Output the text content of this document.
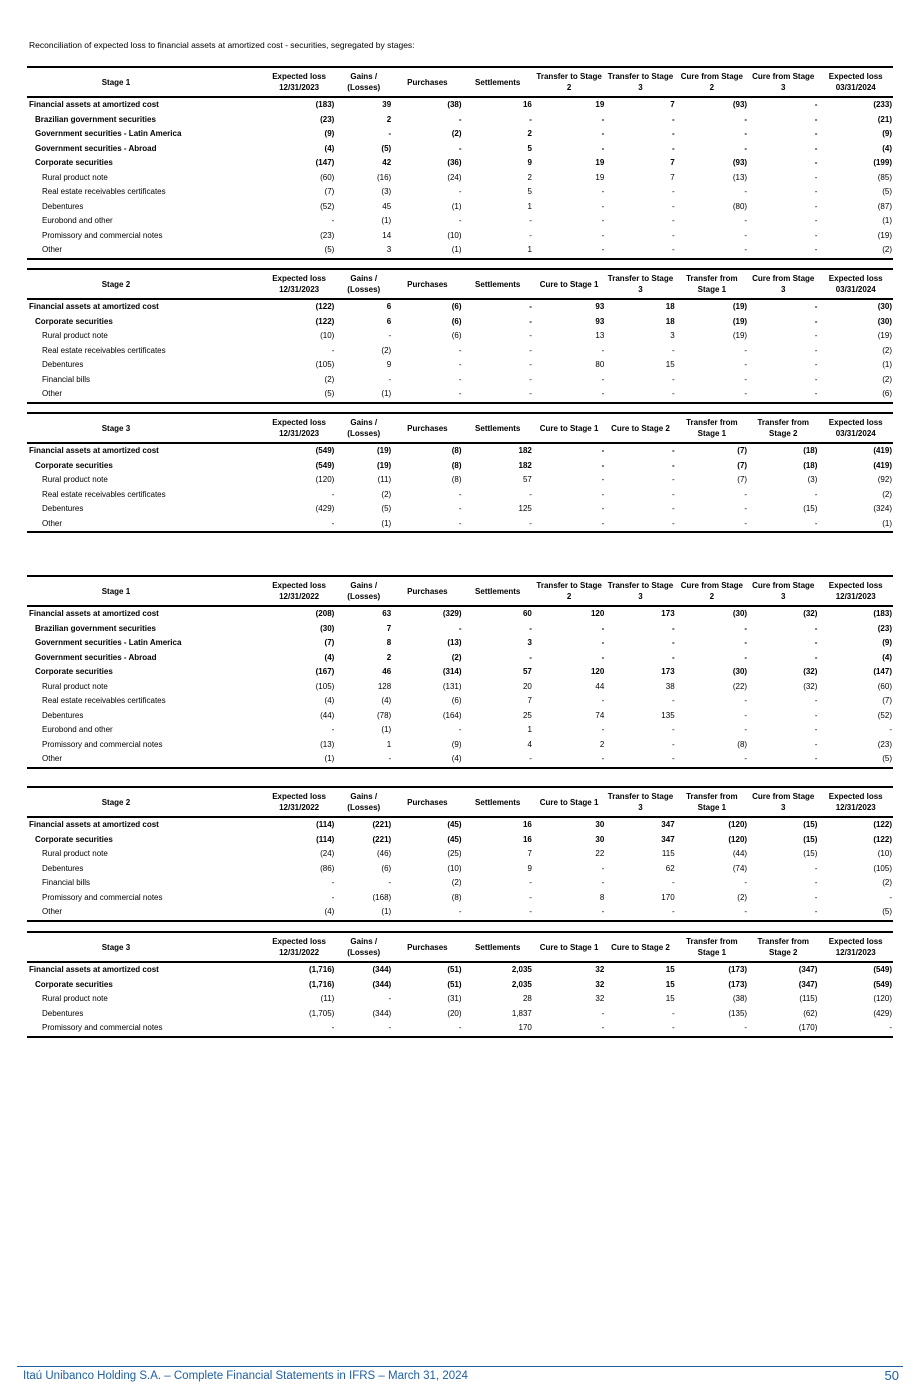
Reconciliation of expected loss to financial assets at amortized cost - securities, segregated by stages:
Stage 1	Expected loss 12/31/2023	Gains / (Losses)	Purchases	Settlements	Transfer to Stage 2	Transfer to Stage 3	Cure from Stage 2	Cure from Stage 3	Expected loss 03/31/2024
Financial assets at amortized cost	(183)	39	(38)	16	19	7	(93)	-	(233)
Brazilian government securities	(23)	2	-	-	-	-	-	-	(21)
Government securities - Latin America	(9)	-	(2)	2	-	-	-	-	(9)
Government securities - Abroad	(4)	(5)	-	5	-	-	-	-	(4)
Corporate securities	(147)	42	(36)	9	19	7	(93)	-	(199)
Rural product note	(60)	(16)	(24)	2	19	7	(13)	-	(85)
Real estate receivables certificates	(7)	(3)	-	5	-	-	-	-	(5)
Debentures	(52)	45	(1)	1	-	-	(80)	-	(87)
Eurobond and other	-	(1)	-	-	-	-	-	-	(1)
Promissory and commercial notes	(23)	14	(10)	-	-	-	-	-	(19)
Other	(5)	3	(1)	1	-	-	-	-	(2)
Stage 2	Expected loss 12/31/2023	Gains / (Losses)	Purchases	Settlements	Cure to Stage 1	Transfer to Stage 3	Transfer from Stage 1	Cure from Stage 3	Expected loss 03/31/2024
Financial assets at amortized cost	(122)	6	(6)	-	93	18	(19)	-	(30)
Corporate securities	(122)	6	(6)	-	93	18	(19)	-	(30)
Rural product note	(10)	-	(6)	-	13	3	(19)	-	(19)
Real estate receivables certificates	-	(2)	-	-	-	-	-	-	(2)
Debentures	(105)	9	-	-	80	15	-	-	(1)
Financial bills	(2)	-	-	-	-	-	-	-	(2)
Other	(5)	(1)	-	-	-	-	-	-	(6)
Stage 3	Expected loss 12/31/2023	Gains / (Losses)	Purchases	Settlements	Cure to Stage 1	Cure to Stage 2	Transfer from Stage 1	Transfer from Stage 2	Expected loss 03/31/2024
Financial assets at amortized cost	(549)	(19)	(8)	182	-	-	(7)	(18)	(419)
Corporate securities	(549)	(19)	(8)	182	-	-	(7)	(18)	(419)
Rural product note	(120)	(11)	(8)	57	-	-	(7)	(3)	(92)
Real estate receivables certificates	-	(2)	-	-	-	-	-	-	(2)
Debentures	(429)	(5)	-	125	-	-	-	(15)	(324)
Other	-	(1)	-	-	-	-	-	-	(1)
Stage 1	Expected loss 12/31/2022	Gains / (Losses)	Purchases	Settlements	Transfer to Stage 2	Transfer to Stage 3	Cure from Stage 2	Cure from Stage 3	Expected loss 12/31/2023
Financial assets at amortized cost	(208)	63	(329)	60	120	173	(30)	(32)	(183)
Brazilian government securities	(30)	7	-	-	-	-	-	-	(23)
Government securities - Latin America	(7)	8	(13)	3	-	-	-	-	(9)
Government securities - Abroad	(4)	2	(2)	-	-	-	-	-	(4)
Corporate securities	(167)	46	(314)	57	120	173	(30)	(32)	(147)
Rural product note	(105)	128	(131)	20	44	38	(22)	(32)	(60)
Real estate receivables certificates	(4)	(4)	(6)	7	-	-	-	-	(7)
Debentures	(44)	(78)	(164)	25	74	135	-	-	(52)
Eurobond and other	-	(1)	-	1	-	-	-	-	-
Promissory and commercial notes	(13)	1	(9)	4	2	-	(8)	-	(23)
Other	(1)	-	(4)	-	-	-	-	-	(5)
Stage 2	Expected loss 12/31/2022	Gains / (Losses)	Purchases	Settlements	Cure to Stage 1	Transfer to Stage 3	Transfer from Stage 1	Cure from Stage 3	Expected loss 12/31/2023
Financial assets at amortized cost	(114)	(221)	(45)	16	30	347	(120)	(15)	(122)
Corporate securities	(114)	(221)	(45)	16	30	347	(120)	(15)	(122)
Rural product note	(24)	(46)	(25)	7	22	115	(44)	(15)	(10)
Debentures	(86)	(6)	(10)	9	-	62	(74)	-	(105)
Financial bills	-	-	(2)	-	-	-	-	-	(2)
Promissory and commercial notes	-	(168)	(8)	-	8	170	(2)	-	-
Other	(4)	(1)	-	-	-	-	-	-	(5)
Stage 3	Expected loss 12/31/2022	Gains / (Losses)	Purchases	Settlements	Cure to Stage 1	Cure to Stage 2	Transfer from Stage 1	Transfer from Stage 2	Expected loss 12/31/2023
Financial assets at amortized cost	(1,716)	(344)	(51)	2,035	32	15	(173)	(347)	(549)
Corporate securities	(1,716)	(344)	(51)	2,035	32	15	(173)	(347)	(549)
Rural product note	(11)	-	(31)	28	32	15	(38)	(115)	(120)
Debentures	(1,705)	(344)	(20)	1,837	-	-	(135)	(62)	(429)
Promissory and commercial notes	-	-	-	170	-	-	-	(170)	-
Itaú Unibanco Holding S.A. – Complete Financial Statements in IFRS – March 31, 2024	50
